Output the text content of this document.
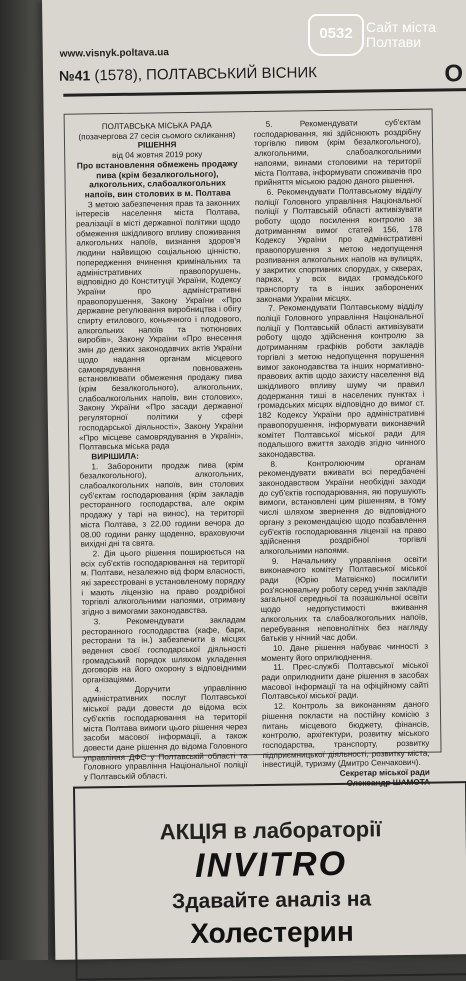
www.visnyk.poltava.ua
№41 (1578), ПОЛТАВСЬКИЙ ВІСНИК	О

ПОЛТАВСЬКА МІСЬКА РАДА

(позачергова 27 сесія сьомого скликання)

РІШЕННЯ

від 04 жовтня 2019 року

Про встановлення обмежень продажу пива (крім безалкогольного), алкогольних, слабоалкогольних напоїв, вин столових в м. Полтава

З метою забезпечення прав та законних інтересів населення міста Полтава, реалізації в місті державної політики щодо обмеження шкідливого впливу споживання алкогольних напоїв, визнання здоров'я людини найвищою соціальною цінністю, попередження вчинення кримінальних та адміністративних правопорушень, відповідно до Конституції України, Кодексу України про адміністративні правопорушення, Закону України «Про державне регулювання виробництва і обігу спирту етилового, коньячного і плодового, алкогольних напоїв та тютюнових виробів», Закону України «Про внесення змін до деяких законодавчих актів України щодо надання органам місцевого самоврядування повноважень встановлювати обмеження продажу пива (крім безалкогольного), алкогольних, слабоалкогольних напоїв, вин столових», Закону України «Про засади державної регуляторної політики у сфері господарської діяльності», Закону України «Про місцеве самоврядування в Україні», Полтавська міська рада

ВИРІШИЛА:

1. Заборонити продаж пива (крім безалкогольного), алкогольних, слабоалкогольних напоїв, вин столових суб'єктам господарювання (крім закладів ресторанного господарства, але окрім продажу у тарі на винос), на території міста Полтава, з 22.00 години вечора до 08.00 години ранку щоденно, враховуючи вихідні дні та свята.

2. Дія цього рішення поширюється на всіх суб'єктів господарювання на території м. Полтави, незалежно від форм власності, які зареєстровані в установленому порядку і мають ліцензію на право роздрібної торгівлі алкогольними напоями, отриману згідно з вимогами законодавства.

3. Рекомендувати закладам ресторанного господарства (кафе, бари, ресторани та ін.) забезпечити в місцях ведення своєї господарської діяльності громадський порядок шляхом укладення договорів на його охорону з відповідними організаціями.

4. Доручити управлінню адміністративних послуг Полтавської міської ради довести до відома всіх суб'єктів господарювання на території міста Полтава вимоги цього рішення через засоби масової інформації, а також довести дане рішення до відома Головного управління ДФС у Полтавській області та Головного управління Національної поліції у Полтавській області.

5. Рекомендувати суб'єктам господарювання, які здійснюють роздрібну торгівлю пивом (крім безалкогольного), алкогольними, слабоалкогольними напоями, винами столовими на території міста Полтава, інформувати споживачів про прийняття міською радою даного рішення.

6. Рекомендувати Полтавському відділу поліції Головного управління Національної поліції у Полтавській області активізувати роботу щодо посилення контролю за дотриманням вимог статей 156, 178 Кодексу України про адміністративні правопорушення з метою недопущення розпивання алкогольних напоїв на вулицях, у закритих спортивних спорудах, у скверах, парках, у всіх видах громадського транспорту та в інших заборонених законами України місцях.

7. Рекомендувати Полтавському відділу поліції Головного управління Національної поліції у Полтавській області активізувати роботу щодо здійснення контролю за дотриманням графіків роботи закладів торгівлі з метою недопущення порушення вимог законодавства та інших нормативно-правових актів щодо захисту населення від шкідливого впливу шуму чи правил додержання тиші в населених пунктах і громадських місцях відповідно до вимог ст. 182 Кодексу України про адміністративні правопорушення, інформувати виконавчий комітет Полтавської міської ради для подальшого вжиття заходів згідно чинного законодавства.

8. Контролюючим органам рекомендувати вживати всі передбачені законодавством України необхідні заходи до суб'єктів господарювання, які порушують вимоги, встановлені цим рішенням, в тому числі шляхом звернення до відповідного органу з рекомендацією щодо позбавлення суб'єктів господарювання ліцензії на право здійснення роздрібної торгівлі алкогольними напоями.

9. Начальнику управління освіти виконавчого комітету Полтавської міської ради (Юрію Матвієнко) посилити роз'яснювальну роботу серед учнів закладів загальної середньої та позашкільної освіти щодо недопустимості вживання алкогольних та слабоалкогольних напоїв, перебування неповнолітніх без нагляду батьків у нічний час доби.

10. Дане рішення набуває чинності з моменту його оприлюднення.

11. Прес-службі Полтавської міської ради оприлюднити дане рішення в засобах масової інформації та на офіційному сайті Полтавської міської ради.

12. Контроль за виконанням даного рішення покласти на постійну комісію з питань місцевого бюджету, фінансів, контролю, архітектури, розвитку міського господарства, транспорту, розвитку підприємницької діяльності, розвитку міста, інвестицій, туризму (Дмитро Сенчакович).

Секретар міської ради

Олександр ШАМОТА

АКЦІЯ в лабораторії
INVITRO
Здавайте аналіз на
Холестерин
0532 Сайт міста
Полтави
